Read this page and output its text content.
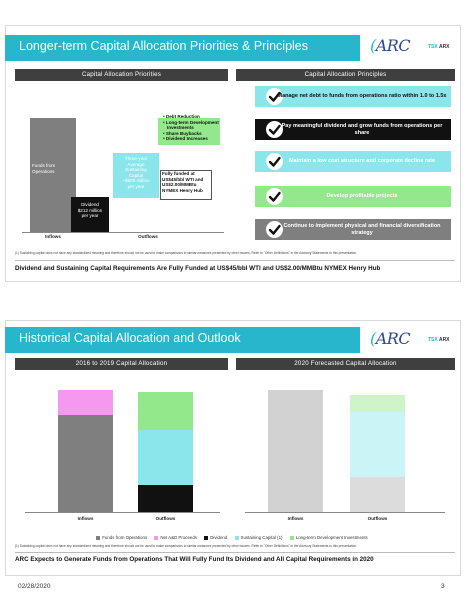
Longer-term Capital Allocation Priorities & Principles	(ARC	TSX ARX
Capital Allocation Priorities	Capital Allocation Principles
Funds from
Operations
Dividend
$212 million
per year
Three-year
Average
Sustaining
Capital
~$600 million
per year
• Debt Reduction
• Long-term Development Investments
• Share Buybacks
• Dividend Increases
Fully funded at US$45/bbl WTI and US$2.00/MMBtu NYMEX Henry Hub
Inflows	Outflows
Manage net debt to funds from operations ratio within 1.0 to 1.5x
Pay meaningful dividend and grow funds from operations per share
Maintain a low cost structure and corporate decline rate
Develop profitable projects
Continue to implement physical and financial diversification strategy
(1) Sustaining capital does not have any standardized meaning and therefore should not be used to make comparisons to similar measures presented by other issuers. Refer to "Other Definitions" in the Advisory Statements to this presentation.
Dividend and Sustaining Capital Requirements Are Fully Funded at US$45/bbl WTI and US$2.00/MMBtu NYMEX Henry Hub
Historical Capital Allocation and Outlook	(ARC	TSX ARX
2016 to 2019 Capital Allocation	2020 Forecasted Capital Allocation
Inflows	Outflows	Inflows	Outflows
Funds from Operations	Net A&D Proceeds	Dividend	Sustaining Capital (1)	Long-term Development Investments
(1) Sustaining capital does not have any standardized meaning and therefore should not be used to make comparisons to similar measures presented by other issuers. Refer to "Other Definitions" in the Advisory Statements to this presentation.
ARC Expects to Generate Funds from Operations That Will Fully Fund Its Dividend and All Capital Requirements in 2020
02/28/2020	3
